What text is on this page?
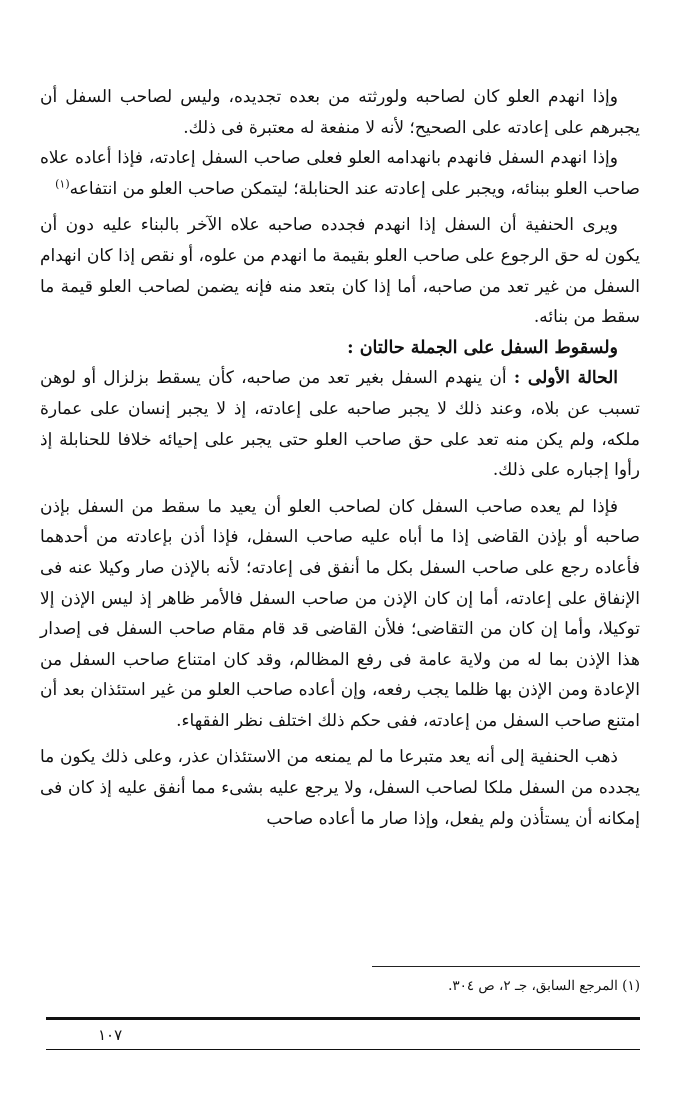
وإذا انهدم العلو كان لصاحبه ولورثته من بعده تجديده، وليس لصاحب السفل أن يجبرهم على إعادته على الصحيح؛ لأنه لا منفعة له معتبرة فى ذلك.

وإذا انهدم السفل فانهدم بانهدامه العلو فعلى صاحب السفل إعادته، فإذا أعاده علاه صاحب العلو ببنائه، ويجبر على إعادته عند الحنابلة؛ ليتمكن صاحب العلو من انتفاعه$^{(١)}$

ويرى الحنفية أن السفل إذا انهدم فجدده صاحبه علاه الآخر بالبناء عليه دون أن يكون له حق الرجوع على صاحب العلو بقيمة ما انهدم من علوه، أو نقص إذا كان انهدام السفل من غير تعد من صاحبه، أما إذا كان بتعد منه فإنه يضمن لصاحب العلو قيمة ما سقط من بنائه.

ولسقوط السفل على الجملة حالتان :

الحالة الأولى : أن ينهدم السفل بغير تعد من صاحبه، كأن يسقط بزلزال أو لوهن تسبب عن بلاه، وعند ذلك لا يجبر صاحبه على إعادته، إذ لا يجبر إنسان على عمارة ملكه، ولم يكن منه تعد على حق صاحب العلو حتى يجبر على إحيائه خلافا للحنابلة إذ رأوا إجباره على ذلك.

فإذا لم يعده صاحب السفل كان لصاحب العلو أن يعيد ما سقط من السفل بإذن صاحبه أو بإذن القاضى إذا ما أباه عليه صاحب السفل، فإذا أذن بإعادته من أحدهما فأعاده رجع على صاحب السفل بكل ما أنفق فى إعادته؛ لأنه بالإذن صار وكيلا عنه فى الإنفاق على إعادته، أما إن كان الإذن من صاحب السفل فالأمر ظاهر إذ ليس الإذن إلا توكيلا، وأما إن كان من التقاضى؛ فلأن القاضى قد قام مقام صاحب السفل فى إصدار هذا الإذن بما له من ولاية عامة فى رفع المظالم، وقد كان امتناع صاحب السفل من الإعادة ومن الإذن بها ظلما يجب رفعه، وإن أعاده صاحب العلو من غير استئذان بعد أن امتنع صاحب السفل من إعادته، ففى حكم ذلك اختلف نظر الفقهاء.

ذهب الحنفية إلى أنه يعد متبرعا ما لم يمنعه من الاستئذان عذر، وعلى ذلك يكون ما يجدده من السفل ملكا لصاحب السفل، ولا يرجع عليه بشىء مما أنفق عليه إذ كان فى إمكانه أن يستأذن ولم يفعل، وإذا صار ما أعاده صاحب

(١) المرجع السابق، جـ ٢، ص ٣٠٤.
١٠٧
